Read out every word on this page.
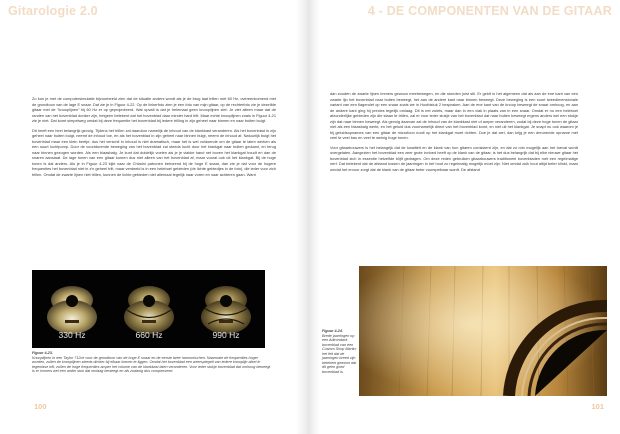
Gitarologie 2.0

Zo kun je met de computersimulatie bijvoorbeeld zien dat de situatie anders wordt als je de brug laat trillen met 60 Hz, overeenkomend met de grondtoon van de lage E snaar. Dat zie je in Figuur 4-22. Op de linkerfoto zien je een foto van mijn gitaar, op de rechterfoto zie je dezelfde gitaar met de "knooplijnen" bij 60 Hz er op geprojecteerd. Wat opvalt is dat je helemaal geen knooplijnen ziet. Je ziet alleen maar dat de randen van het bovenblad donker zijn, hetgeen betekent dat het bovenblad daar minder hard trilt. Maar echte knooplijnen zoals in Figuur 4-21 zie je niet. Dat komt simpelweg omdat bij deze frequentie het bovenblad bij iedere trilling in zijn geheel naar binnen en naar buiten buigt.

Dit heeft een heel belangrijk gevolg. Tijdens het trillen zal daardoor namelijk de inhoud van de klankkast veranderen. Als het bovenblad in zijn geheel naar buiten buigt, neemt de inhoud toe, en als het bovenblad in zijn geheel naar binnen buigt, neemt de inhoud af. Natuurlijk buigt het bovenblad maar een klein beetje, dus het verschil in inhoud is niet dramatisch, maar het is wel voldoende om de gitaar te laten werken als een soort luchtpomp. Door de voortdurende beweging van het bovenblad zal steeds lucht door het klankgat naar buiten geduwd, en terug naar binnen gezogen worden. Als een blaasbalg. Je kunt dat duidelijk voelen als je je vlakke hand net boven het klankgat houdt en dan de snaren aanslaat. De lage tonen van een gitaar komen dus niet alleen van het bovenblad af, maar vooral ook uit het klankgat. Bij de hoge tonen is dat anders. Als je in Figuur 4-23 kijkt naar de Chladni patronen behorend bij de hoge E snaar, dan zie je dat voor de hogere frequenties het bovenblad niet in z'n geheel trilt, maar verdeeld is in een heleboel gebieden (de lichte gebiedjes in de foto), die ieder voor zich trillen. Omdat de zwarte lijnen niet trillen, kunnen de lichte gebieden niet allemaal tegelijk naar voren en naar achteren gaan. Want

330 Hz	660 Hz	990 Hz
Figuur 4-23.
Knooplijnen in een Taylor 712ce voor de grondtoon van de hoge E snaar en de eerste twee harmonischen. Naarmate de frequenties hoger worden, zullen de knooplijnen steeds dichter bij elkaar komen te liggen. Omdat het bovenblad een weerspiegelt van iedere knooplijn afzet in tegenfase trilt, zullen de hoge frequenties amper het volume van de klankkast laten veranderen. Voor ieder stukje bovenblad dat omhoog beweegt is er immers wel een ander stuk dat omlaag beweegt en als zodanig dus compenseert.
100
4 - DE COMPONENTEN VAN DE GITAAR

dan zouden de zwarte lijnen immers gewoon meebewegen, en die stonden juist stil. Er geldt in het algemeen dat als aan de ene kant van een zwarte lijn het bovenblad naar buiten beweegt, het aan de andere kant naar binnen beweegt. Deze beweging is een soort tweedimensionale variant van een flagerolet op een snaar zoals we in Hoofdstuk 2 bespraken. Aan de ene kant van de knoop beweegt de snaar omhoog, en aan de andere kant ging hij precies tegelijk omlaag. Dit is net zoiets, maar dan in een vlak in plaats van in een snaar. Omdat er nu een heleboel afzonderlijke gebieden zijn die staan te trillen, zal er voor ieder stukje van het bovenblad dat naar buiten beweegt ergens anders wel een stukje zijn dat naar binnen beweegt. Als gevolg daarvan zal de inhoud van de klankkast niet of amper veranderen, zodat bij deze hoge tonen de gitaar niet als een blaasbalg werkt, en het geluid dus voornamelijk direct van het bovenblad komt, en niet uit het klankgat. Je snapt nu ook waarom je bij geluidsopnames van een gitaar de microfoon nooit op het klankgat moet richten. Doe je dat wel, dan krijg je een dreunende opname met veel te veel bas en veel te weinig hoge tonen.

Voor gitaarbouwers is het belangrijk dat de kwaliteit en de klank van hun gitaren consistent zijn, en dat zo min mogelijk aan het toeval wordt overgelaten. Aangezien het bovenblad een zeer grote invloed heeft op de klank van de gitaar, is het dus belangrijk dat bij elke nieuwe gitaar het bovenblad zich in essentie hetzelfde blijft gedragen. Om deze reden gebruiken gitaarbouwers traditioneel bovenbladen met een regelmatige nerf. Dat betekent dat de afstand tussen de jaarringen in het hout zo regelmatig mogelijk moet zijn. Niet omdat zulk hout altijd beter klinkt, maar omdat het ervoor zorgt dat de klank van de gitaar beter voorspelbaar wordt. De afstand

Figuur 4-24.
Brede jaarringen op een Adirondack bovenblad van een Custom Shop Martin; het feit dat de jaarringen breed zijn betekent gewoon dat dit geen goed bovenblad is.
101
